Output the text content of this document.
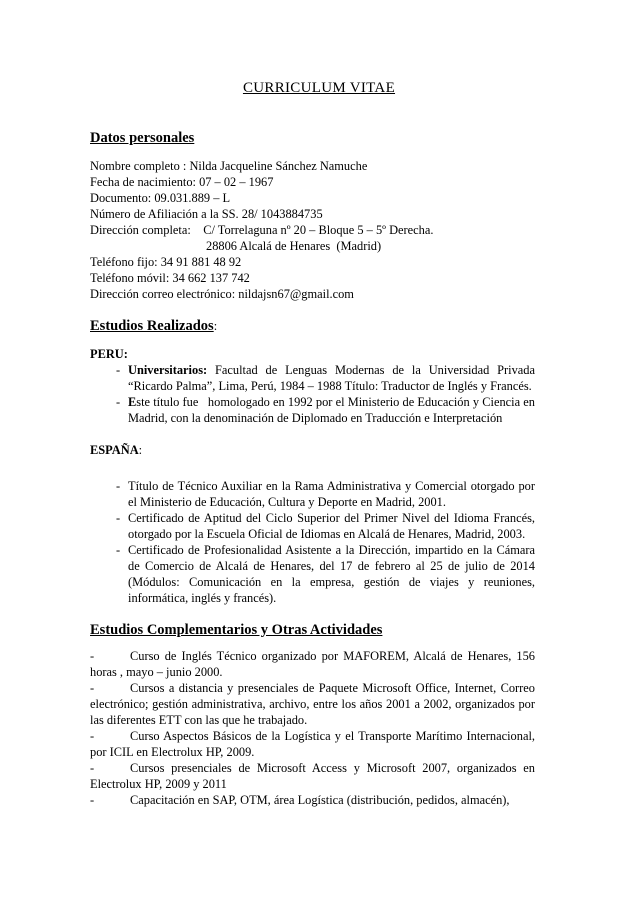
CURRICULUM VITAE
Datos personales
Nombre completo : Nilda Jacqueline Sánchez Namuche
Fecha de nacimiento: 07 – 02 – 1967
Documento: 09.031.889 – L
Número de Afiliación a la SS. 28/ 1043884735
Dirección completa:    C/ Torrelaguna nº 20 – Bloque 5 – 5º Derecha.
28806 Alcalá de Henares  (Madrid)
Teléfono fijo: 34 91 881 48 92
Teléfono móvil: 34 662 137 742
Dirección correo electrónico: nildajsn67@gmail.com
Estudios Realizados:
PERU:
- Universitarios: Facultad de Lenguas Modernas de la Universidad Privada “Ricardo Palma”, Lima, Perú, 1984 – 1988 Título: Traductor de Inglés y Francés.
- Este título fue   homologado en 1992 por el Ministerio de Educación y Ciencia en Madrid, con la denominación de Diplomado en Traducción e Interpretación
ESPAÑA:
- Título de Técnico Auxiliar en la Rama Administrativa y Comercial otorgado por el Ministerio de Educación, Cultura y Deporte en Madrid, 2001.
- Certificado de Aptitud del Ciclo Superior del Primer Nivel del Idioma Francés, otorgado por la Escuela Oficial de Idiomas en Alcalá de Henares, Madrid, 2003.
- Certificado de Profesionalidad Asistente a la Dirección, impartido en la Cámara de Comercio de Alcalá de Henares, del 17 de febrero al 25 de julio de 2014 (Módulos: Comunicación en la empresa, gestión de viajes y reuniones, informática, inglés y francés).
Estudios Complementarios y Otras Actividades
-	Curso de Inglés Técnico organizado por MAFOREM, Alcalá de Henares, 156 horas , mayo – junio 2000.
-	Cursos a distancia y presenciales de Paquete Microsoft Office, Internet, Correo electrónico; gestión administrativa, archivo, entre los años 2001 a 2002, organizados por las diferentes ETT con las que he trabajado.
-	Curso Aspectos Básicos de la Logística y el Transporte Marítimo Internacional, por ICIL en Electrolux HP, 2009.
-	Cursos presenciales de Microsoft Access y Microsoft 2007, organizados en Electrolux HP, 2009 y 2011
-	Capacitación en SAP, OTM, área Logística (distribución, pedidos, almacén),
